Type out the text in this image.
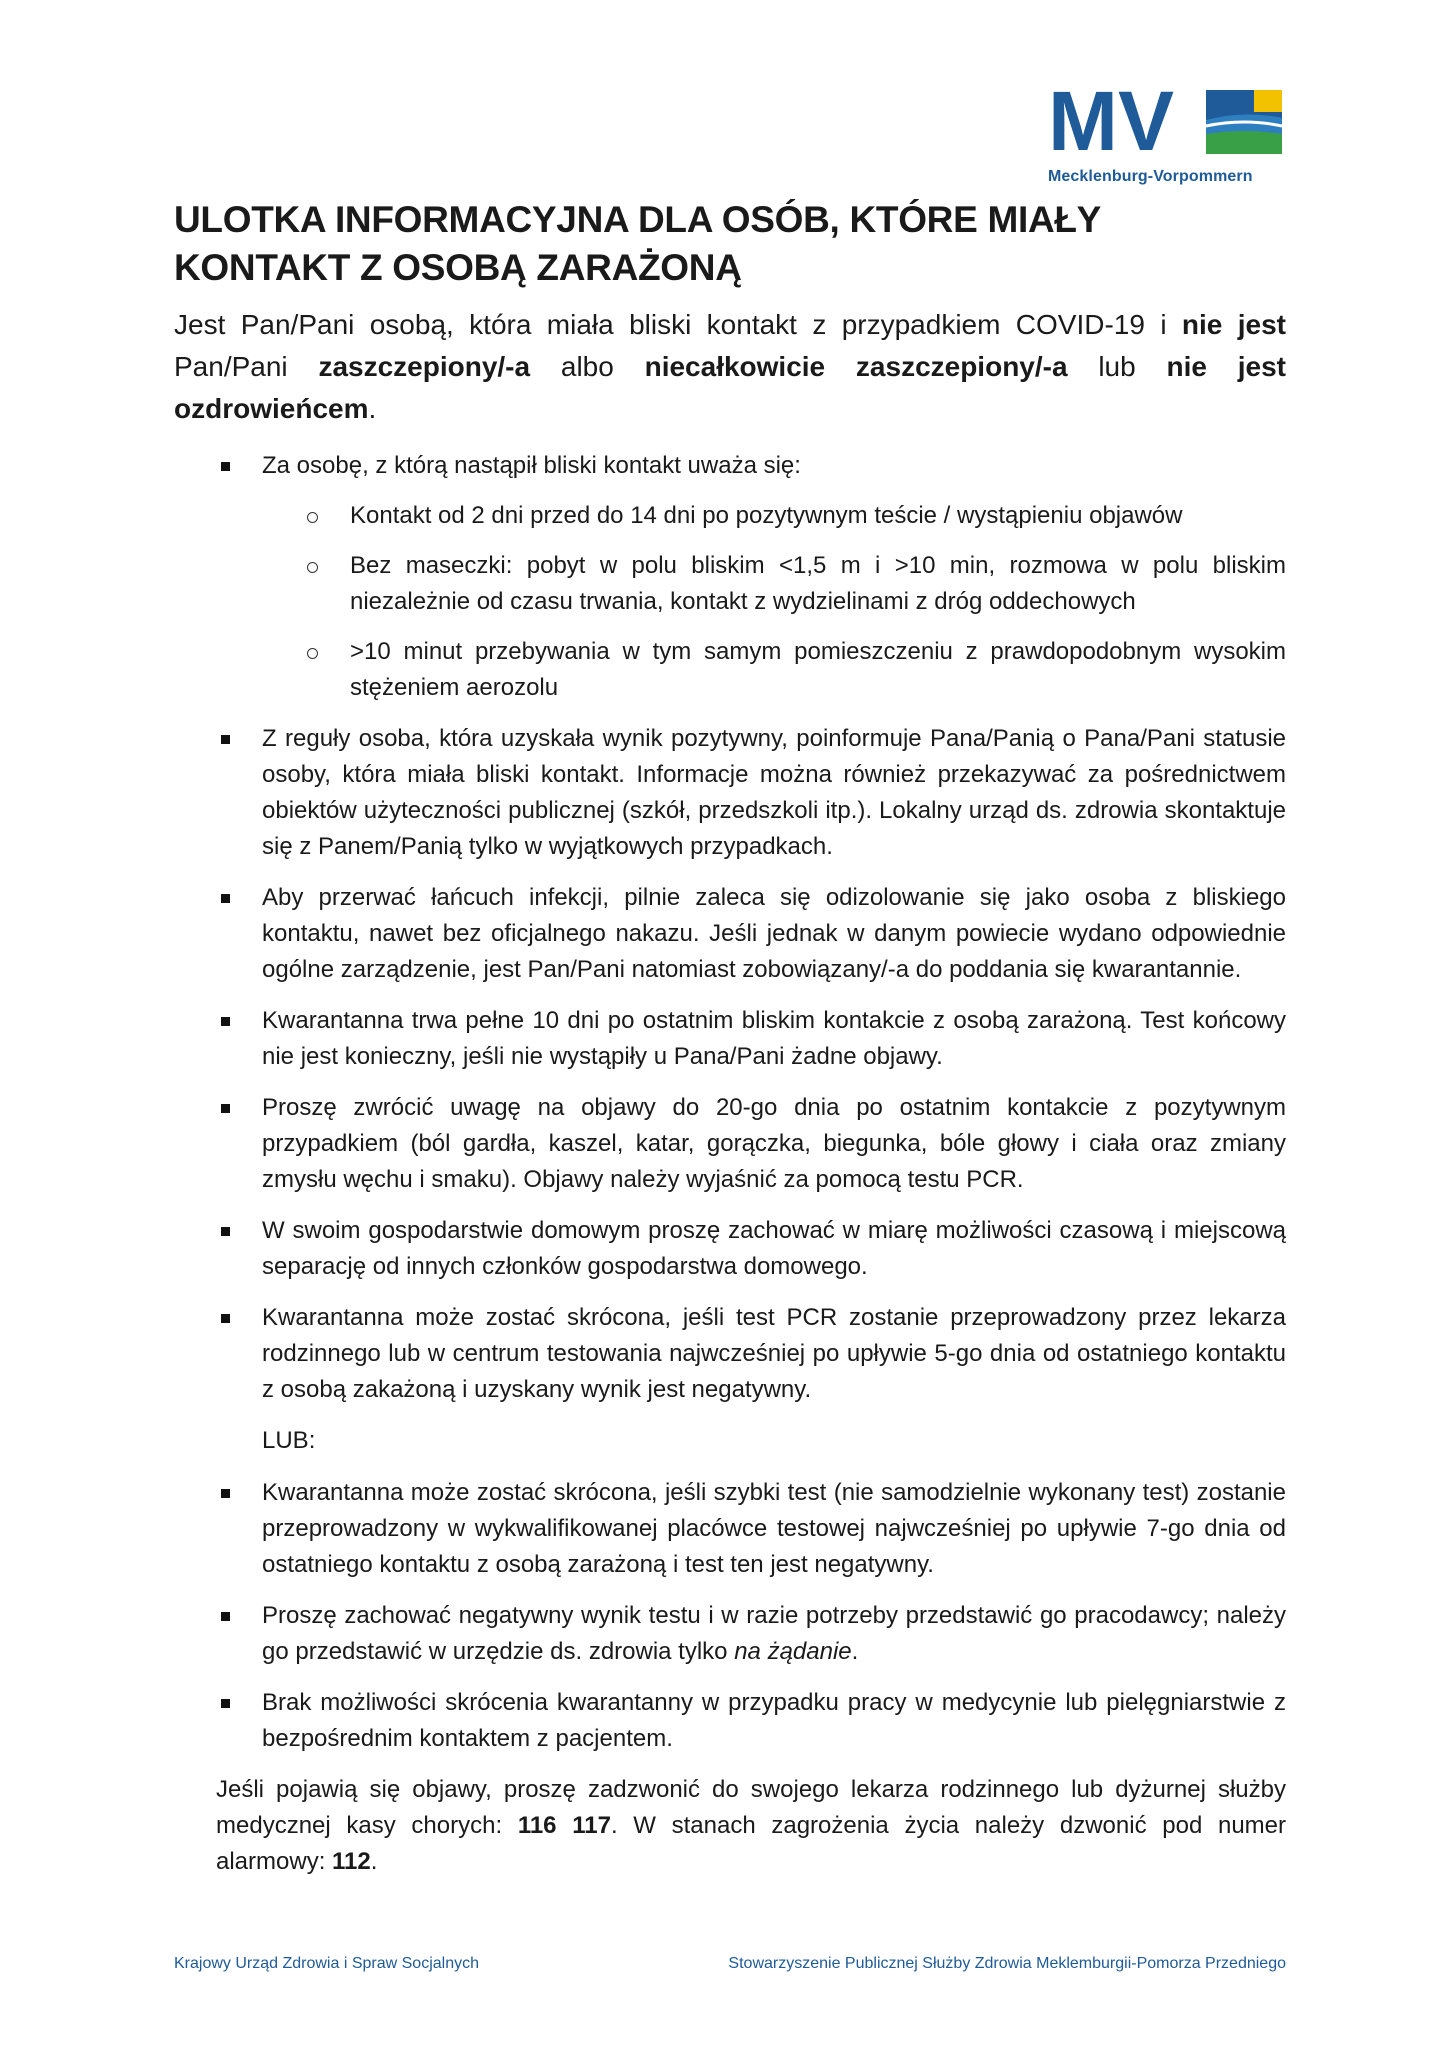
MV
Mecklenburg-Vorpommern
ULOTKA INFORMACYJNA DLA OSÓB, KTÓRE MIAŁY
KONTAKT Z OSOBĄ ZARAŻONĄ

Jest Pan/Pani osobą, która miała bliski kontakt z przypadkiem COVID-19 i nie jest Pan/Pani zaszczepiony/-a albo niecałkowicie zaszczepiony/-a lub nie jest ozdrowieńcem.

Za osobę, z którą nastąpił bliski kontakt uważa się:
Kontakt od 2 dni przed do 14 dni po pozytywnym teście / wystąpieniu objawów
Bez maseczki: pobyt w polu bliskim <1,5 m i >10 min, rozmowa w polu bliskim niezależnie od czasu trwania, kontakt z wydzielinami z dróg oddechowych
>10 minut przebywania w tym samym pomieszczeniu z prawdopodobnym wysokim stężeniem aerozolu
Z reguły osoba, która uzyskała wynik pozytywny, poinformuje Pana/Panią o Pana/Pani statusie osoby, która miała bliski kontakt. Informacje można również przekazywać za pośrednictwem obiektów użyteczności publicznej (szkół, przedszkoli itp.). Lokalny urząd ds. zdrowia skontaktuje się z Panem/Panią tylko w wyjątkowych przypadkach.
Aby przerwać łańcuch infekcji, pilnie zaleca się odizolowanie się jako osoba z bliskiego kontaktu, nawet bez oficjalnego nakazu. Jeśli jednak w danym powiecie wydano odpowiednie ogólne zarządzenie, jest Pan/Pani natomiast zobowiązany/-a do poddania się kwarantannie.
Kwarantanna trwa pełne 10 dni po ostatnim bliskim kontakcie z osobą zarażoną. Test końcowy nie jest konieczny, jeśli nie wystąpiły u Pana/Pani żadne objawy.
Proszę zwrócić uwagę na objawy do 20-go dnia po ostatnim kontakcie z pozytywnym przypadkiem (ból gardła, kaszel, katar, gorączka, biegunka, bóle głowy i ciała oraz zmiany zmysłu węchu i smaku). Objawy należy wyjaśnić za pomocą testu PCR.
W swoim gospodarstwie domowym proszę zachować w miarę możliwości czasową i miejscową separację od innych członków gospodarstwa domowego.
Kwarantanna może zostać skrócona, jeśli test PCR zostanie przeprowadzony przez lekarza rodzinnego lub w centrum testowania najwcześniej po upływie 5-go dnia od ostatniego kontaktu z osobą zakażoną i uzyskany wynik jest negatywny.
LUB:
Kwarantanna może zostać skrócona, jeśli szybki test (nie samodzielnie wykonany test) zostanie przeprowadzony w wykwalifikowanej placówce testowej najwcześniej po upływie 7-go dnia od ostatniego kontaktu z osobą zarażoną i test ten jest negatywny.
Proszę zachować negatywny wynik testu i w razie potrzeby przedstawić go pracodawcy; należy go przedstawić w urzędzie ds. zdrowia tylko na żądanie.
Brak możliwości skrócenia kwarantanny w przypadku pracy w medycynie lub pielęgniarstwie z bezpośrednim kontaktem z pacjentem.

Jeśli pojawią się objawy, proszę zadzwonić do swojego lekarza rodzinnego lub dyżurnej służby medycznej kasy chorych: 116 117. W stanach zagrożenia życia należy dzwonić pod numer alarmowy: 112.

Krajowy Urząd Zdrowia i Spraw Socjalnych	Stowarzyszenie Publicznej Służby Zdrowia Meklemburgii-Pomorza Przedniego
